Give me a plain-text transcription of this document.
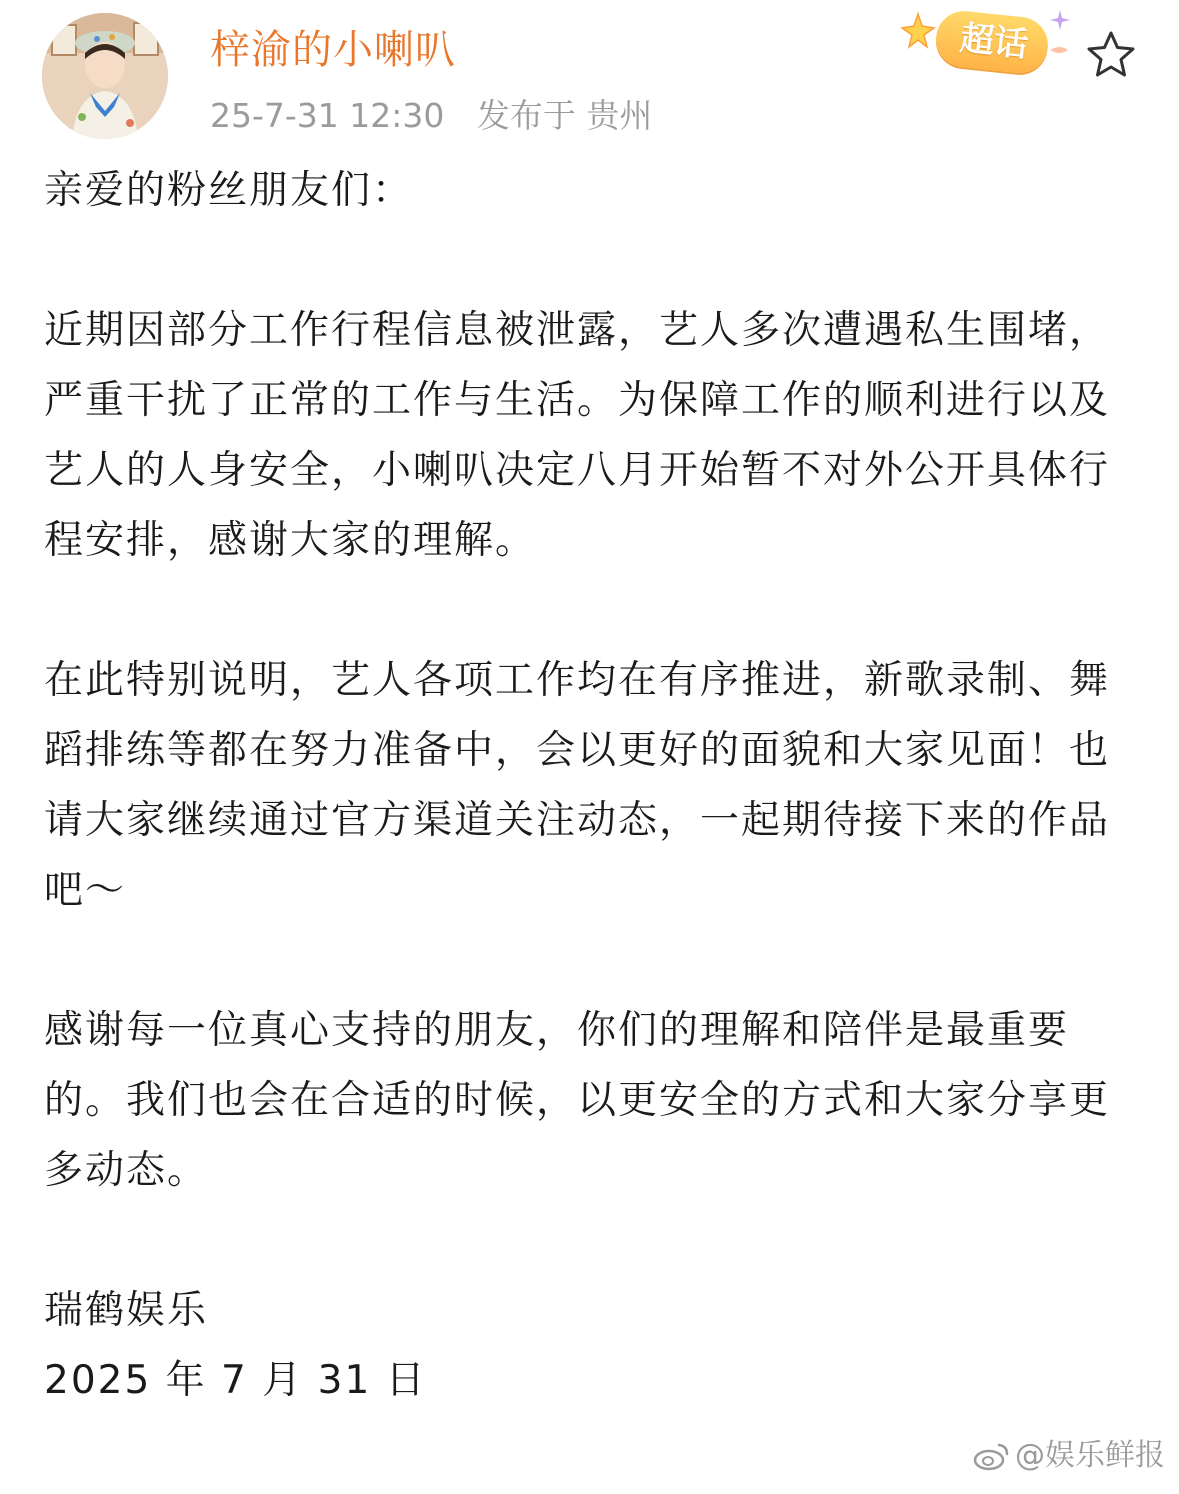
梓渝的小喇叭
25-7-31 12:30 发布于 贵州
超话

亲爱的粉丝朋友们：

近期因部分工作行程信息被泄露，艺人多次遭遇私生围堵，严重干扰了正常的工作与生活。为保障工作的顺利进行以及艺人的人身安全，小喇叭决定八月开始暂不对外公开具体行程安排，感谢大家的理解。

在此特别说明，艺人各项工作均在有序推进，新歌录制、舞蹈排练等都在努力准备中，会以更好的面貌和大家见面！也请大家继续通过官方渠道关注动态，一起期待接下来的作品吧～

感谢每一位真心支持的朋友，你们的理解和陪伴是最重要的。我们也会在合适的时候，以更安全的方式和大家分享更多动态。

瑞鹤娱乐

2025 年 7 月 31 日

@娱乐鲜报
